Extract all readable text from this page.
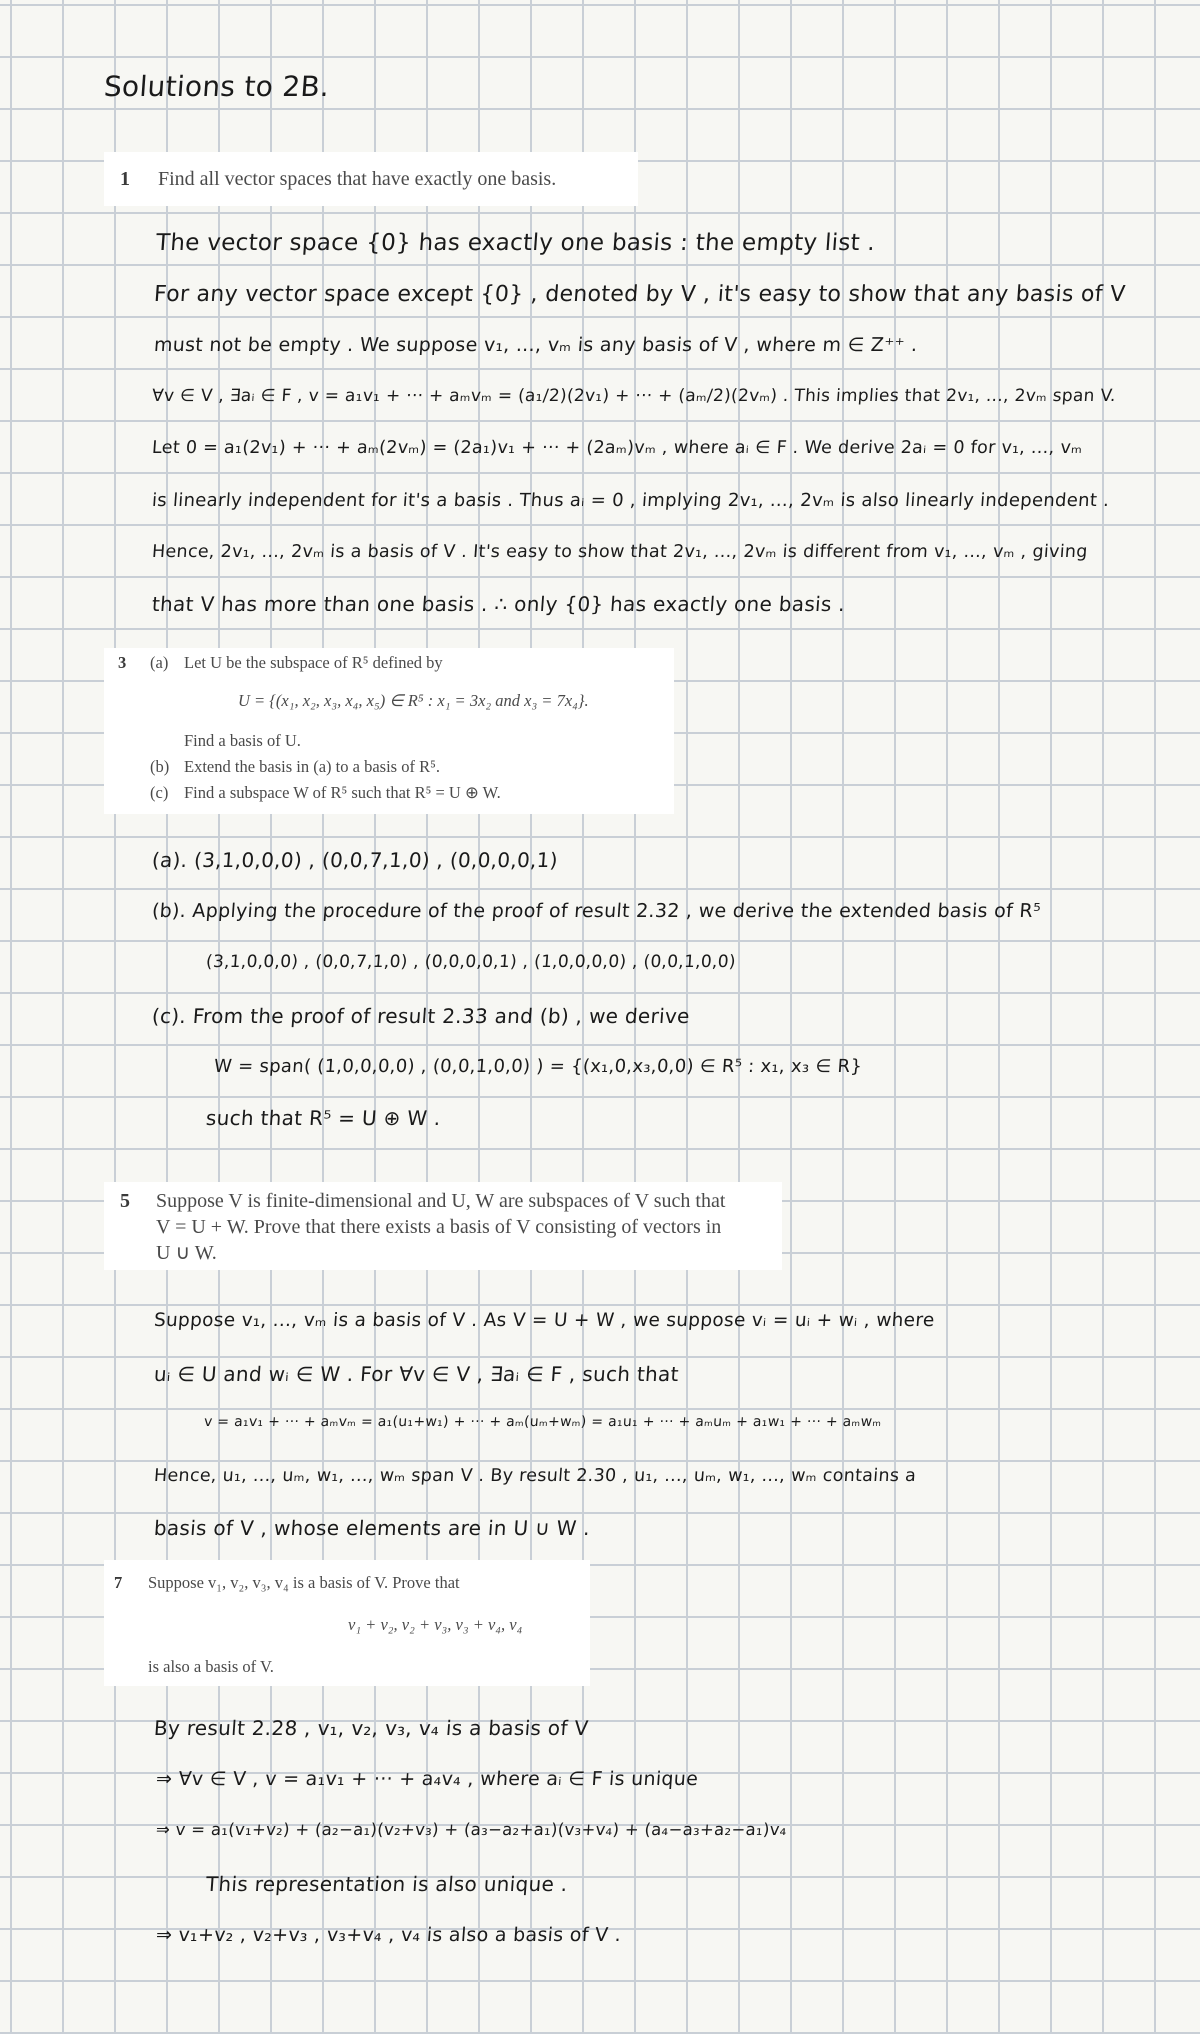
Solutions to 2B.
1 Find all vector spaces that have exactly one basis.
The vector space {0} has exactly one basis : the empty list .
For any vector space except {0} , denoted by V , it's easy to show that any basis of V
must not be empty . We suppose v₁, ..., vₘ is any basis of V , where m ∈ Z⁺⁺ .
∀v ∈ V , ∃aᵢ ∈ F , v = a₁v₁ + ··· + aₘvₘ = (a₁/2)(2v₁) + ··· + (aₘ/2)(2vₘ) . This implies that 2v₁, ..., 2vₘ span V.
Let 0 = a₁(2v₁) + ··· + aₘ(2vₘ) = (2a₁)v₁ + ··· + (2aₘ)vₘ , where aᵢ ∈ F . We derive 2aᵢ = 0 for v₁, ..., vₘ
is linearly independent for it's a basis . Thus aᵢ = 0 , implying 2v₁, ..., 2vₘ is also linearly independent .
Hence, 2v₁, ..., 2vₘ is a basis of V . It's easy to show that 2v₁, ..., 2vₘ is different from v₁, ..., vₘ , giving
that V has more than one basis . ∴ only {0} has exactly one basis .
3 (a) Let U be the subspace of R⁵ defined by
U = {(x₁, x₂, x₃, x₄, x₅) ∈ R⁵ : x₁ = 3x₂ and x₃ = 7x₄}.
Find a basis of U.
(b) Extend the basis in (a) to a basis of R⁵.
(c) Find a subspace W of R⁵ such that R⁵ = U ⊕ W.
(a). (3,1,0,0,0) , (0,0,7,1,0) , (0,0,0,0,1)
(b). Applying the procedure of the proof of result 2.32 , we derive the extended basis of R⁵
(3,1,0,0,0) , (0,0,7,1,0) , (0,0,0,0,1) , (1,0,0,0,0) , (0,0,1,0,0)
(c). From the proof of result 2.33 and (b) , we derive
W = span( (1,0,0,0,0) , (0,0,1,0,0) ) = {(x₁,0,x₃,0,0) ∈ R⁵ : x₁, x₃ ∈ R}
such that R⁵ = U ⊕ W .
5 Suppose V is finite-dimensional and U, W are subspaces of V such that
V = U + W. Prove that there exists a basis of V consisting of vectors in
U ∪ W.
Suppose v₁, ..., vₘ is a basis of V . As V = U + W , we suppose vᵢ = uᵢ + wᵢ , where
uᵢ ∈ U and wᵢ ∈ W . For ∀v ∈ V , ∃aᵢ ∈ F , such that
v = a₁v₁ + ··· + aₘvₘ = a₁(u₁+w₁) + ··· + aₘ(uₘ+wₘ) = a₁u₁ + ··· + aₘuₘ + a₁w₁ + ··· + aₘwₘ
Hence, u₁, ..., uₘ, w₁, ..., wₘ span V . By result 2.30 , u₁, ..., uₘ, w₁, ..., wₘ contains a
basis of V , whose elements are in U ∪ W .
7 Suppose v₁, v₂, v₃, v₄ is a basis of V. Prove that
v₁ + v₂, v₂ + v₃, v₃ + v₄, v₄
is also a basis of V.
By result 2.28 , v₁, v₂, v₃, v₄ is a basis of V
⇒ ∀v ∈ V , v = a₁v₁ + ··· + a₄v₄ , where aᵢ ∈ F is unique
⇒ v = a₁(v₁+v₂) + (a₂−a₁)(v₂+v₃) + (a₃−a₂+a₁)(v₃+v₄) + (a₄−a₃+a₂−a₁)v₄
This representation is also unique .
⇒ v₁+v₂ , v₂+v₃ , v₃+v₄ , v₄ is also a basis of V .
